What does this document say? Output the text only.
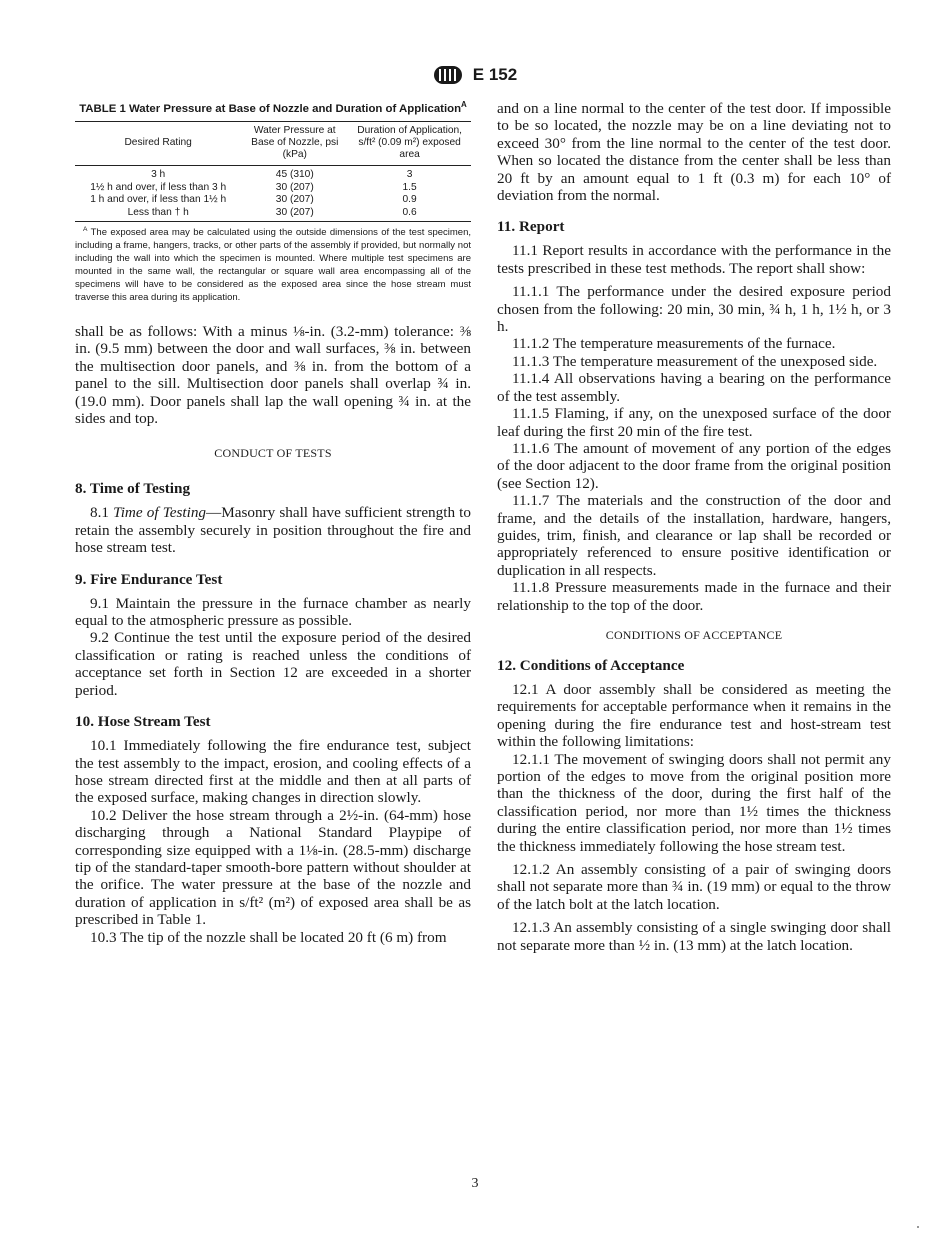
E 152
TABLE 1 Water Pressure at Base of Nozzle and Duration of Application$^A$
Desired Rating	Water Pressure at Base of Nozzle, psi (kPa)	Duration of Application, s/ft² (0.09 m²) exposed area
3 h	45 (310)	3
1½ h and over, if less than 3 h	30 (207)	1.5
1 h and over, if less than 1½ h	30 (207)	0.9
Less than † h	30 (207)	0.6
$^A$ The exposed area may be calculated using the outside dimensions of the test specimen, including a frame, hangers, tracks, or other parts of the assembly if provided, but normally not including the wall into which the specimen is mounted. Where multiple test specimens are mounted in the same wall, the rectangular or square wall area encompassing all of the specimens will have to be considered as the exposed area since the hose stream must traverse this area during its application.

shall be as follows: With a minus ⅛-in. (3.2-mm) tolerance: ⅜ in. (9.5 mm) between the door and wall surfaces, ⅜ in. between the multisection door panels, and ⅜ in. from the bottom of a panel to the sill. Multisection door panels shall overlap ¾ in. (19.0 mm). Door panels shall lap the wall opening ¾ in. at the sides and top.

CONDUCT OF TESTS
8. Time of Testing

8.1 Time of Testing—Masonry shall have sufficient strength to retain the assembly securely in position throughout the fire and hose stream test.

9. Fire Endurance Test

9.1 Maintain the pressure in the furnace chamber as nearly equal to the atmospheric pressure as possible.

9.2 Continue the test until the exposure period of the desired classification or rating is reached unless the conditions of acceptance set forth in Section 12 are exceeded in a shorter period.

10. Hose Stream Test

10.1 Immediately following the fire endurance test, subject the test assembly to the impact, erosion, and cooling effects of a hose stream directed first at the middle and then at all parts of the exposed surface, making changes in direction slowly.

10.2 Deliver the hose stream through a 2½-in. (64-mm) hose discharging through a National Standard Playpipe of corresponding size equipped with a 1⅛-in. (28.5-mm) discharge tip of the standard-taper smooth-bore pattern without shoulder at the orifice. The water pressure at the base of the nozzle and duration of application in s/ft² (m²) of exposed area shall be as prescribed in Table 1.

10.3 The tip of the nozzle shall be located 20 ft (6 m) from

and on a line normal to the center of the test door. If impossible to be so located, the nozzle may be on a line deviating not to exceed 30° from the line normal to the center of the test door. When so located the distance from the center shall be less than 20 ft by an amount equal to 1 ft (0.3 m) for each 10° of deviation from the normal.

11. Report

11.1 Report results in accordance with the performance in the tests prescribed in these test methods. The report shall show:

11.1.1 The performance under the desired exposure period chosen from the following: 20 min, 30 min, ¾ h, 1 h, 1½ h, or 3 h.

11.1.2 The temperature measurements of the furnace.

11.1.3 The temperature measurement of the unexposed side.

11.1.4 All observations having a bearing on the performance of the test assembly.

11.1.5 Flaming, if any, on the unexposed surface of the door leaf during the first 20 min of the fire test.

11.1.6 The amount of movement of any portion of the edges of the door adjacent to the door frame from the original position (see Section 12).

11.1.7 The materials and the construction of the door and frame, and the details of the installation, hardware, hangers, guides, trim, finish, and clearance or lap shall be recorded or appropriately referenced to ensure positive identification or duplication in all respects.

11.1.8 Pressure measurements made in the furnace and their relationship to the top of the door.

CONDITIONS OF ACCEPTANCE
12. Conditions of Acceptance

12.1 A door assembly shall be considered as meeting the requirements for acceptable performance when it remains in the opening during the fire endurance test and host-stream test within the following limitations:

12.1.1 The movement of swinging doors shall not permit any portion of the edges to move from the original position more than the thickness of the door, during the first half of the classification period, nor more than 1½ times the thickness during the entire classification period, nor more than 1½ times the thickness immediately following the hose stream test.

12.1.2 An assembly consisting of a pair of swinging doors shall not separate more than ¾ in. (19 mm) or equal to the throw of the latch bolt at the latch location.

12.1.3 An assembly consisting of a single swinging door shall not separate more than ½ in. (13 mm) at the latch location.

3
